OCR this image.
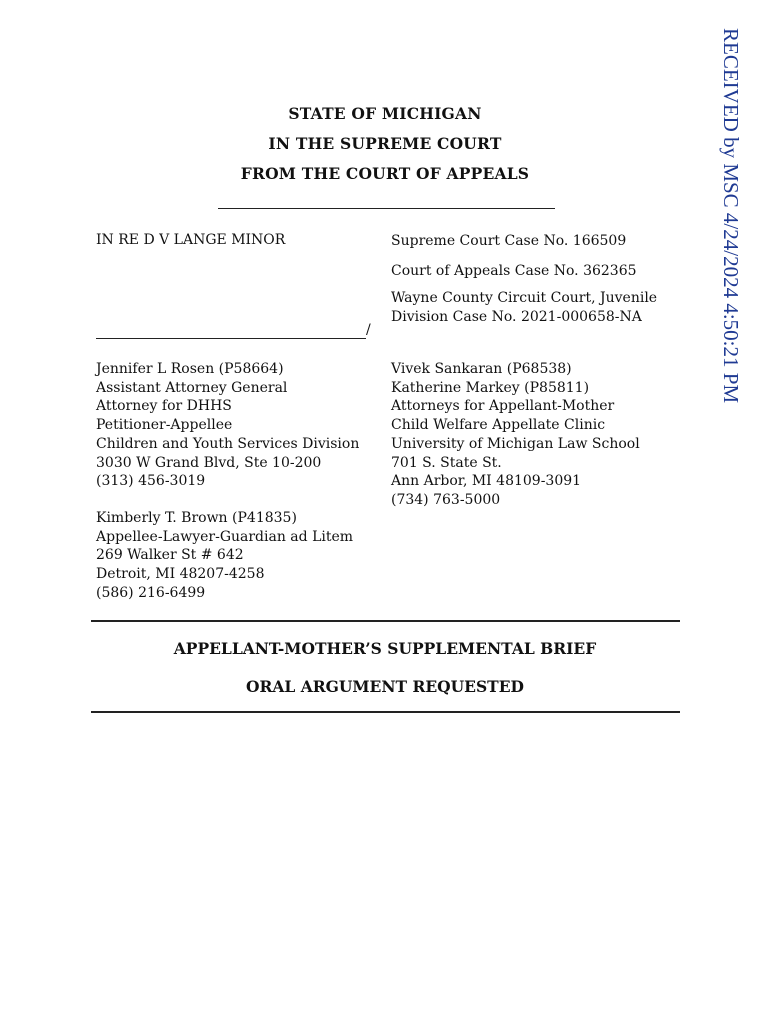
RECEIVED by MSC 4/24/2024 4:50:21 PM
STATE OF MICHIGAN
IN THE SUPREME COURT
FROM THE COURT OF APPEALS
IN RE D V LANGE MINOR	Supreme Court Case No. 166509
Court of Appeals Case No. 362365
Wayne County Circuit Court, Juvenile Division Case No. 2021-000658-NA
/
Jennifer L Rosen (P58664)
Assistant Attorney General
Attorney for DHHS
Petitioner-Appellee
Children and Youth Services Division
3030 W Grand Blvd, Ste 10-200
(313) 456-3019
Vivek Sankaran (P68538)
Katherine Markey (P85811)
Attorneys for Appellant-Mother
Child Welfare Appellate Clinic
University of Michigan Law School
701 S. State St.
Ann Arbor, MI 48109-3091
(734) 763-5000
Kimberly T. Brown (P41835)
Appellee-Lawyer-Guardian ad Litem
269 Walker St # 642
Detroit, MI 48207-4258
(586) 216-6499
APPELLANT-MOTHER’S SUPPLEMENTAL BRIEF
ORAL ARGUMENT REQUESTED
